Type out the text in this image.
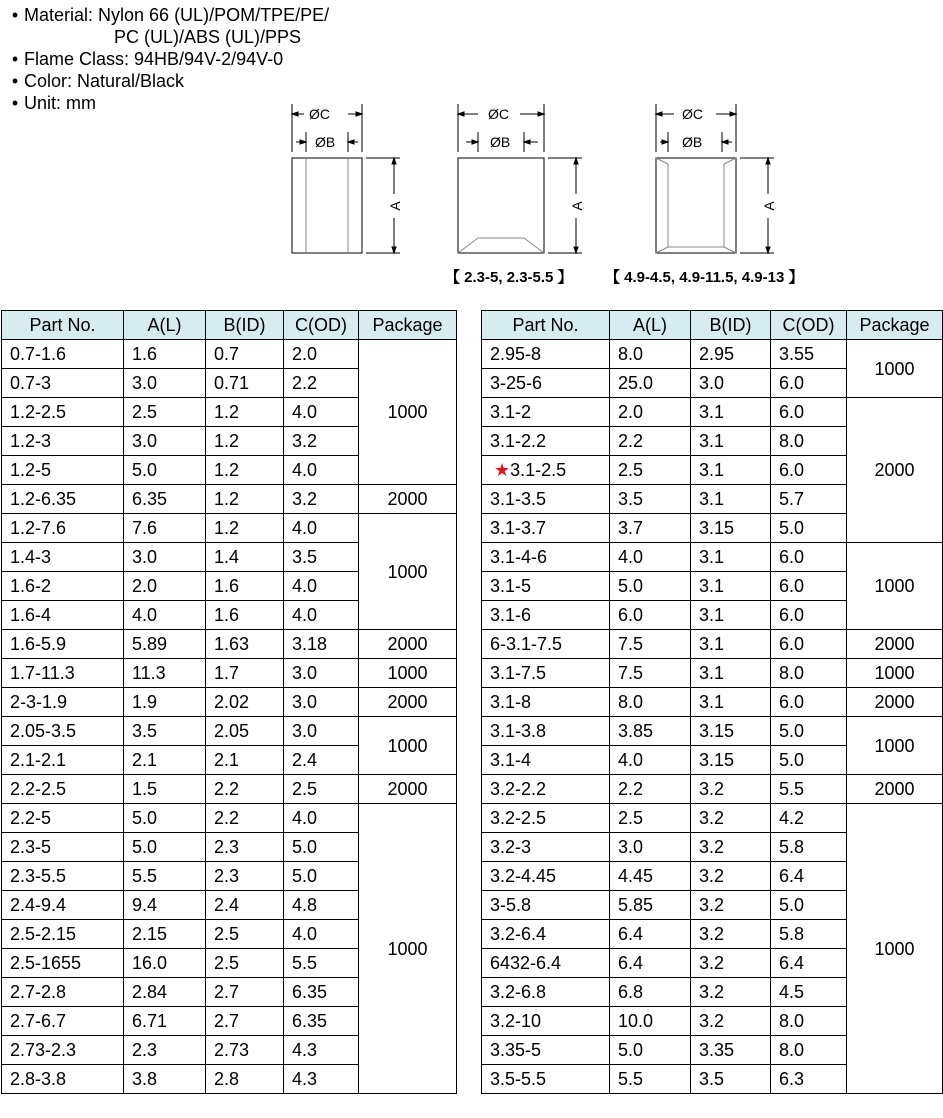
• Material: Nylon 66 (UL)/POM/TPE/PE/
PC (UL)/ABS (UL)/PPS
• Flame Class: 94HB/94V-2/94V-0
• Color: Natural/Black
• Unit: mm
ØC
ØB
A
ØC
ØB
A
ØC
ØB
A
【 2.3-5, 2.3-5.5 】 【 4.9-4.5, 4.9-11.5, 4.9-13 】
Part No.	A(L)	B(ID)	C(OD)	Package
0.7-1.6	1.6	0.7	2.0	1000
0.7-3	3.0	0.71	2.2	
1.2-2.5	2.5	1.2	4.0	
1.2-3	3.0	1.2	3.2	
1.2-5	5.0	1.2	4.0	
1.2-6.35	6.35	1.2	3.2	2000
1.2-7.6	7.6	1.2	4.0	1000
1.4-3	3.0	1.4	3.5	
1.6-2	2.0	1.6	4.0	
1.6-4	4.0	1.6	4.0	
1.6-5.9	5.89	1.63	3.18	2000
1.7-11.3	11.3	1.7	3.0	1000
2-3-1.9	1.9	2.02	3.0	2000
2.05-3.5	3.5	2.05	3.0	1000
2.1-2.1	2.1	2.1	2.4	
2.2-2.5	1.5	2.2	2.5	2000
2.2-5	5.0	2.2	4.0	1000
2.3-5	5.0	2.3	5.0	
2.3-5.5	5.5	2.3	5.0	
2.4-9.4	9.4	2.4	4.8	
2.5-2.15	2.15	2.5	4.0	
2.5-1655	16.0	2.5	5.5	
2.7-2.8	2.84	2.7	6.35	
2.7-6.7	6.71	2.7	6.35	
2.73-2.3	2.3	2.73	4.3	
2.8-3.8	3.8	2.8	4.3	
Part No.	A(L)	B(ID)	C(OD)	Package
2.95-8	8.0	2.95	3.55	1000
3-25-6	25.0	3.0	6.0	
3.1-2	2.0	3.1	6.0	2000
3.1-2.2	2.2	3.1	8.0	
★3.1-2.5	2.5	3.1	6.0	
3.1-3.5	3.5	3.1	5.7	
3.1-3.7	3.7	3.15	5.0	
3.1-4-6	4.0	3.1	6.0	1000
3.1-5	5.0	3.1	6.0	
3.1-6	6.0	3.1	6.0	
6-3.1-7.5	7.5	3.1	6.0	2000
3.1-7.5	7.5	3.1	8.0	1000
3.1-8	8.0	3.1	6.0	2000
3.1-3.8	3.85	3.15	5.0	1000
3.1-4	4.0	3.15	5.0	
3.2-2.2	2.2	3.2	5.5	2000
3.2-2.5	2.5	3.2	4.2	1000
3.2-3	3.0	3.2	5.8	
3.2-4.45	4.45	3.2	6.4	
3-5.8	5.85	3.2	5.0	
3.2-6.4	6.4	3.2	5.8	
6432-6.4	6.4	3.2	6.4	
3.2-6.8	6.8	3.2	4.5	
3.2-10	10.0	3.2	8.0	
3.35-5	5.0	3.35	8.0	
3.5-5.5	5.5	3.5	6.3	
